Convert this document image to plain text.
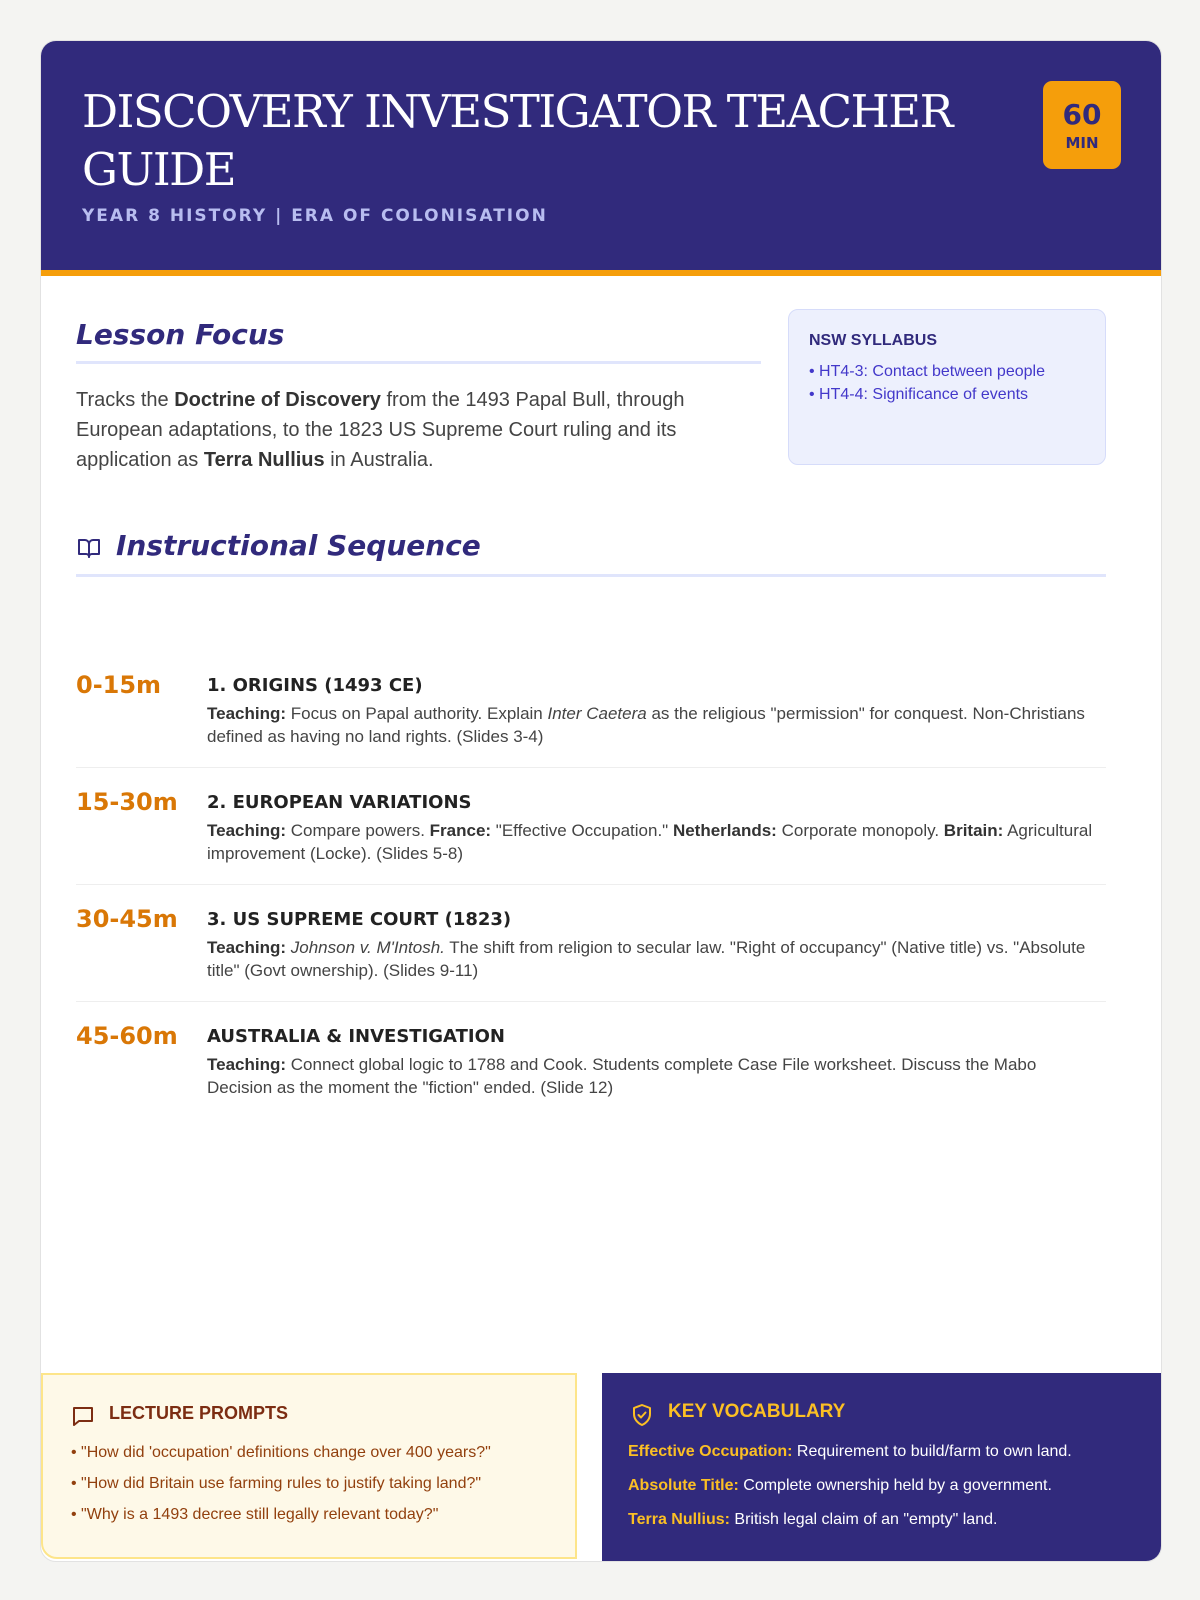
DISCOVERY INVESTIGATOR TEACHER GUIDE
YEAR 8 HISTORY | ERA OF COLONISATION
60
MIN
Lesson Focus
Tracks the Doctrine of Discovery from the 1493 Papal Bull, through European adaptations, to the 1823 US Supreme Court ruling and its application as Terra Nullius in Australia.
NSW SYLLABUS
• HT4-3: Contact between people
• HT4-4: Significance of events
Instructional Sequence
0-15m	1. ORIGINS (1493 CE)
Teaching: Focus on Papal authority. Explain Inter Caetera as the religious "permission" for conquest. Non-Christians defined as having no land rights. (Slides 3-4)
15-30m 2. EUROPEAN VARIATIONS
Teaching: Compare powers. France: "Effective Occupation." Netherlands: Corporate monopoly. Britain: Agricultural improvement (Locke). (Slides 5-8)
30-45m 3. US SUPREME COURT (1823)
Teaching: Johnson v. M'Intosh. The shift from religion to secular law. "Right of occupancy" (Native title) vs. "Absolute title" (Govt ownership). (Slides 9-11)
45-60m AUSTRALIA & INVESTIGATION
Teaching: Connect global logic to 1788 and Cook. Students complete Case File worksheet. Discuss the Mabo Decision as the moment the "fiction" ended. (Slide 12)
LECTURE PROMPTS
• "How did 'occupation' definitions change over 400 years?"
• "How did Britain use farming rules to justify taking land?"
• "Why is a 1493 decree still legally relevant today?"
KEY VOCABULARY
Effective Occupation: Requirement to build/farm to own land.
Absolute Title: Complete ownership held by a government.
Terra Nullius: British legal claim of an "empty" land.
